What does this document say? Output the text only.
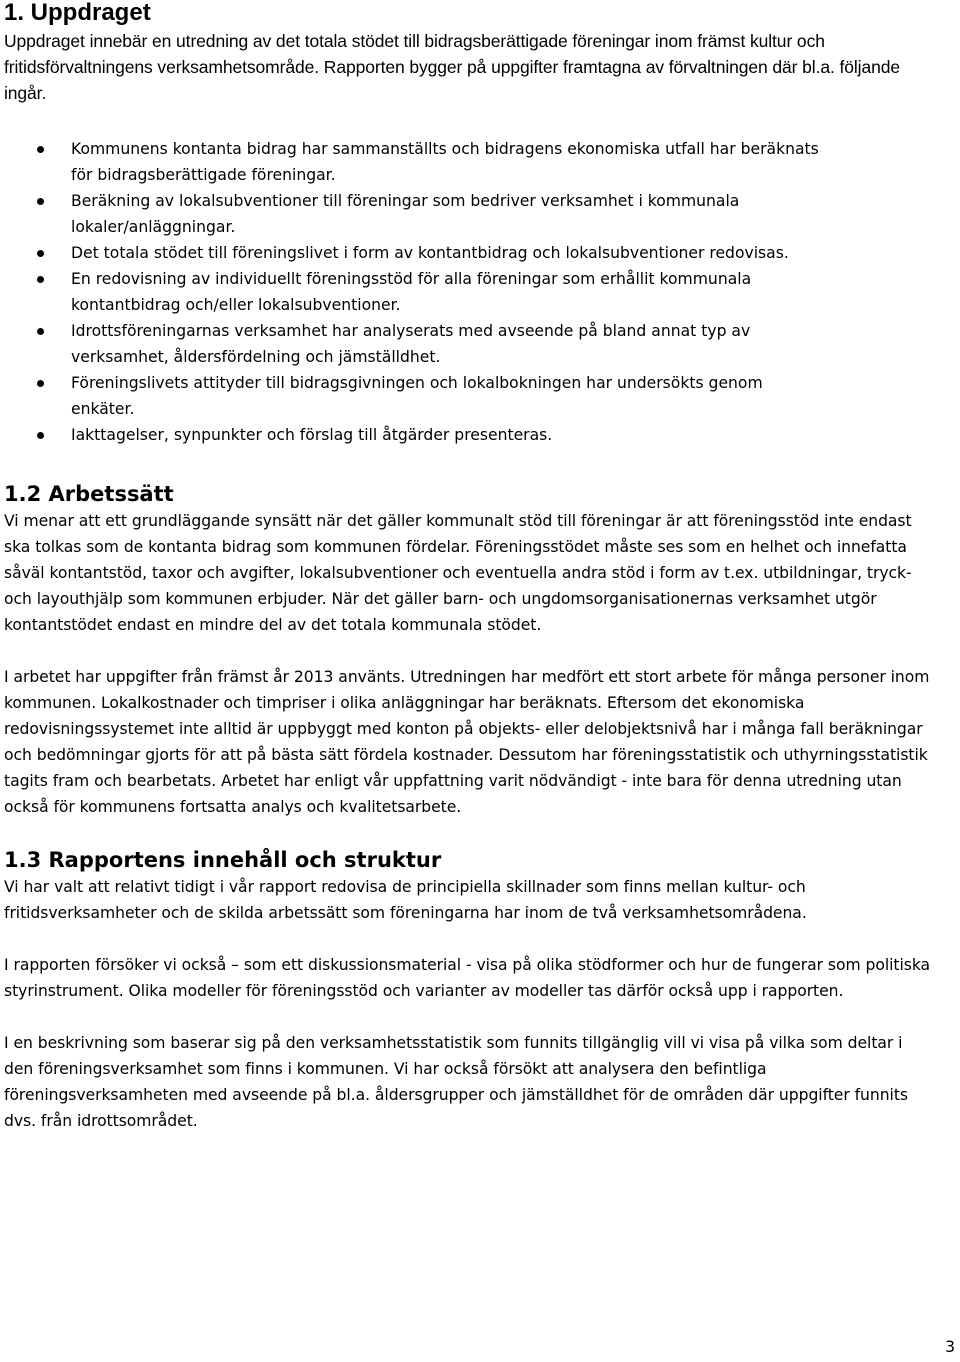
1. Uppdraget

Uppdraget innebär en utredning av det totala stödet till bidragsberättigade föreningar inom främst kultur och fritidsförvaltningens verksamhetsområde. Rapporten bygger på uppgifter framtagna av förvaltningen där bl.a. följande ingår.

Kommunens kontanta bidrag har sammanställts och bidragens ekonomiska utfall har beräknats för bidragsberättigade föreningar.
Beräkning av lokalsubventioner till föreningar som bedriver verksamhet i kommunala lokaler/anläggningar.
Det totala stödet till föreningslivet i form av kontantbidrag och lokalsubventioner redovisas.
En redovisning av individuellt föreningsstöd för alla föreningar som erhållit kommunala kontantbidrag och/eller lokalsubventioner.
Idrottsföreningarnas verksamhet har analyserats med avseende på bland annat typ av verksamhet, åldersfördelning och jämställdhet.
Föreningslivets attityder till bidragsgivningen och lokalbokningen har undersökts genom enkäter.
Iakttagelser, synpunkter och förslag till åtgärder presenteras.
1.2 Arbetssätt

Vi menar att ett grundläggande synsätt när det gäller kommunalt stöd till föreningar är att föreningsstöd inte endast ska tolkas som de kontanta bidrag som kommunen fördelar. Föreningsstödet måste ses som en helhet och innefatta såväl kontantstöd, taxor och avgifter, lokalsubventioner och eventuella andra stöd i form av t.ex. utbildningar, tryck- och layouthjälp som kommunen erbjuder. När det gäller barn- och ungdomsorganisationernas verksamhet utgör kontantstödet endast en mindre del av det totala kommunala stödet.

I arbetet har uppgifter från främst år 2013 använts. Utredningen har medfört ett stort arbete för många personer inom kommunen. Lokalkostnader och timpriser i olika anläggningar har beräknats. Eftersom det ekonomiska redovisningssystemet inte alltid är uppbyggt med konton på objekts- eller delobjektsnivå har i många fall beräkningar och bedömningar gjorts för att på bästa sätt fördela kostnader. Dessutom har föreningsstatistik och uthyrningsstatistik tagits fram och bearbetats. Arbetet har enligt vår uppfattning varit nödvändigt - inte bara för denna utredning utan också för kommunens fortsatta analys och kvalitetsarbete.

1.3 Rapportens innehåll och struktur

Vi har valt att relativt tidigt i vår rapport redovisa de principiella skillnader som finns mellan kultur- och fritidsverksamheter och de skilda arbetssätt som föreningarna har inom de två verksamhetsområdena.

I rapporten försöker vi också – som ett diskussionsmaterial - visa på olika stödformer och hur de fungerar som politiska styrinstrument. Olika modeller för föreningsstöd och varianter av modeller tas därför också upp i rapporten.

I en beskrivning som baserar sig på den verksamhetsstatistik som funnits tillgänglig vill vi visa på vilka som deltar i den föreningsverksamhet som finns i kommunen. Vi har också försökt att analysera den befintliga föreningsverksamheten med avseende på bl.a. åldersgrupper och jämställdhet för de områden där uppgifter funnits dvs. från idrottsområdet.

3
